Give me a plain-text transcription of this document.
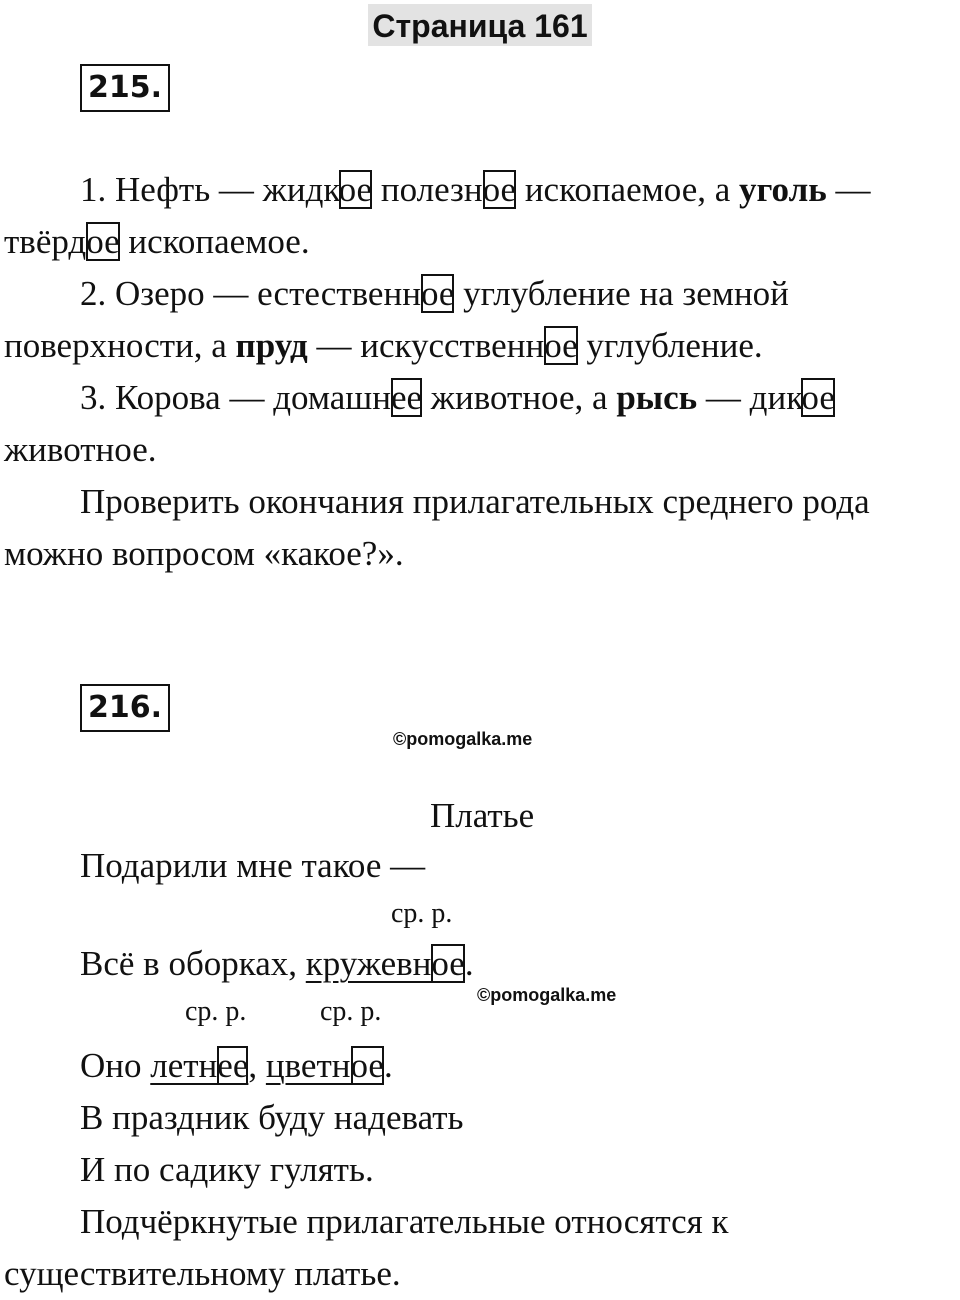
Страница 161
215.
1. Нефть — жидкое полезное ископаемое, а уголь —
твёрдое ископаемое.
2. Озеро — естественное углубление на земной
поверхности, а пруд — искусственное углубление.
3. Корова — домашнее животное, а рысь — дикое
животное.
Проверить окончания прилагательных среднего рода
можно вопросом «какое?».
216.
©pomogalka.me
Платье
Подарили мне такое —
ср. р.
Всё в оборках, кружевное.
©pomogalka.me
ср. р.	ср. р.
Оно летнее, цветное.
В праздник буду надевать
И по садику гулять.
Подчёркнутые прилагательные относятся к
существительному платье.
